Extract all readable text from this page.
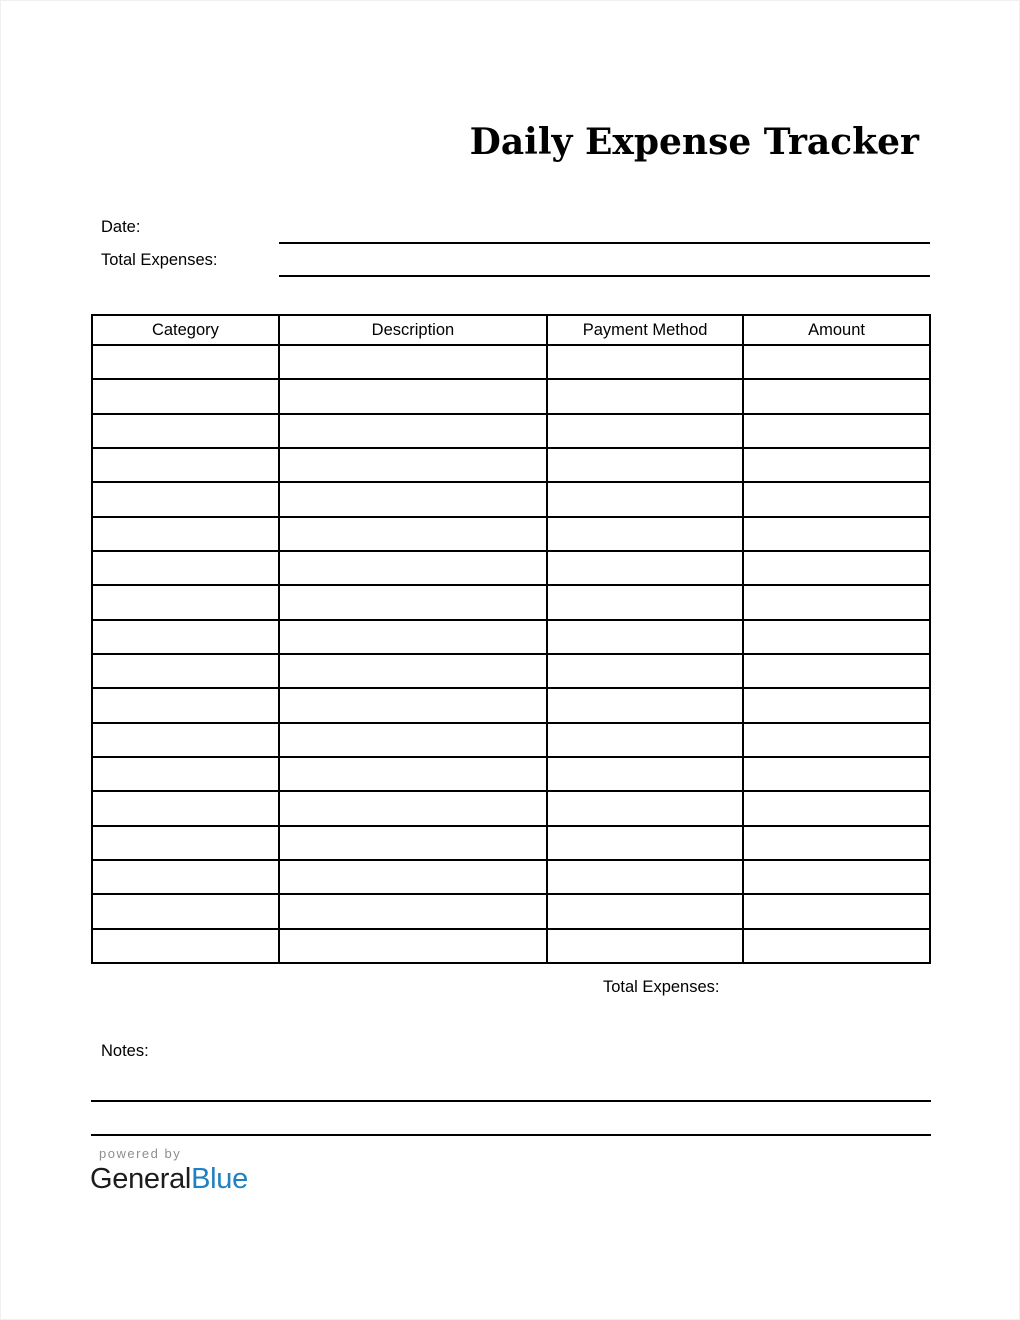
Daily Expense Tracker
Date:
Total Expenses:
Category	Description	Payment Method	Amount

Total Expenses:
Notes:
powered by
GeneralBlue
